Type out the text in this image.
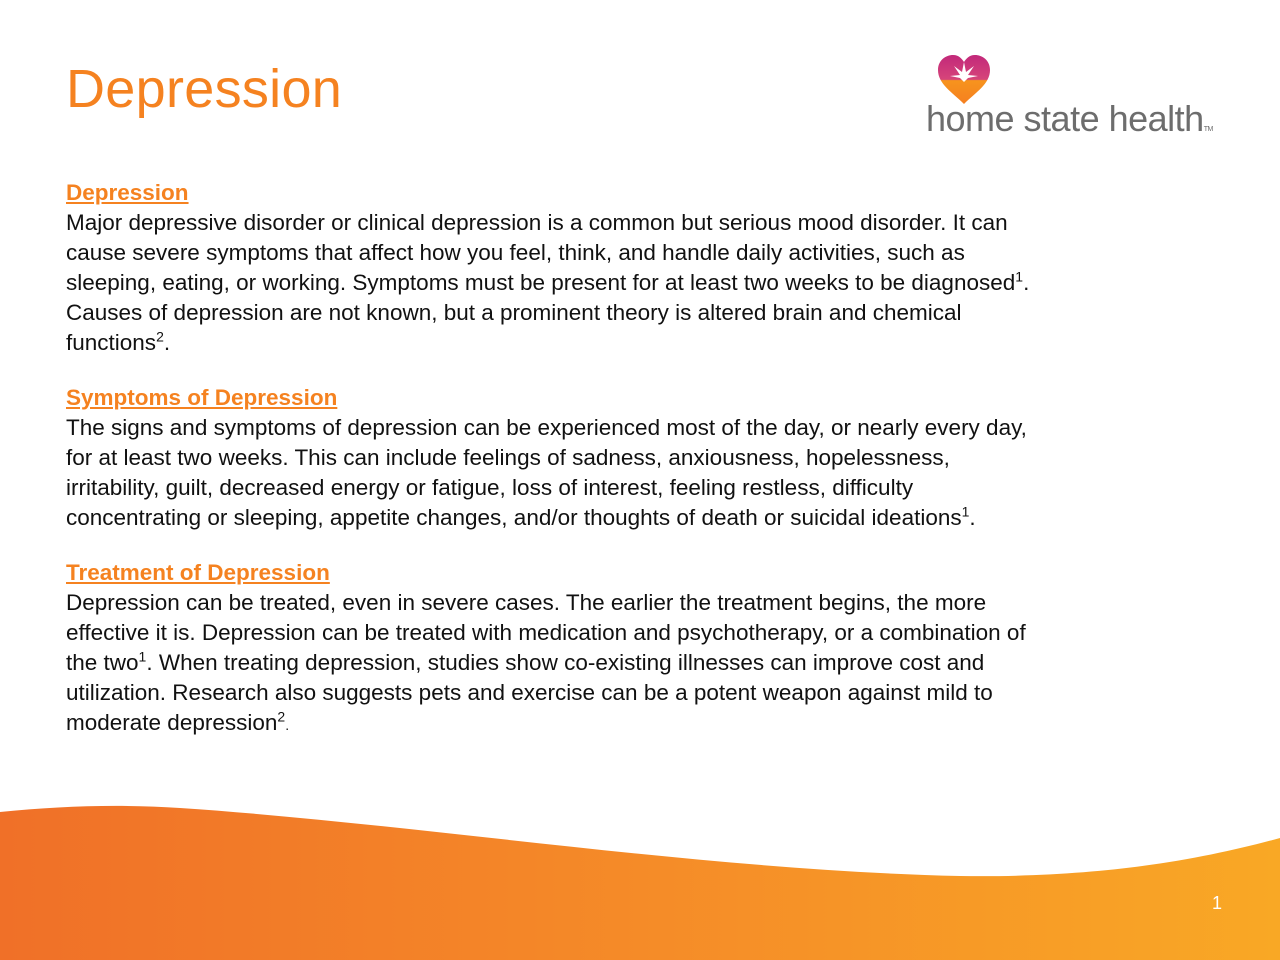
Depression	home state healthTM
Depression
Major depressive disorder or clinical depression is a common but serious mood disorder. It can
cause severe symptoms that affect how you feel, think, and handle daily activities, such as
sleeping, eating, or working. Symptoms must be present for at least two weeks to be diagnosed$^1$.
Causes of depression are not known, but a prominent theory is altered brain and chemical
functions$^2$.
Symptoms of Depression
The signs and symptoms of depression can be experienced most of the day, or nearly every day,
for at least two weeks. This can include feelings of sadness, anxiousness, hopelessness,
irritability, guilt, decreased energy or fatigue, loss of interest, feeling restless, difficulty
concentrating or sleeping, appetite changes, and/or thoughts of death or suicidal ideations$^1$.
Treatment of Depression
Depression can be treated, even in severe cases. The earlier the treatment begins, the more
effective it is. Depression can be treated with medication and psychotherapy, or a combination of
the two$^1$. When treating depression, studies show co-existing illnesses can improve cost and
utilization. Research also suggests pets and exercise can be a potent weapon against mild to
moderate depression$^2$.
1
